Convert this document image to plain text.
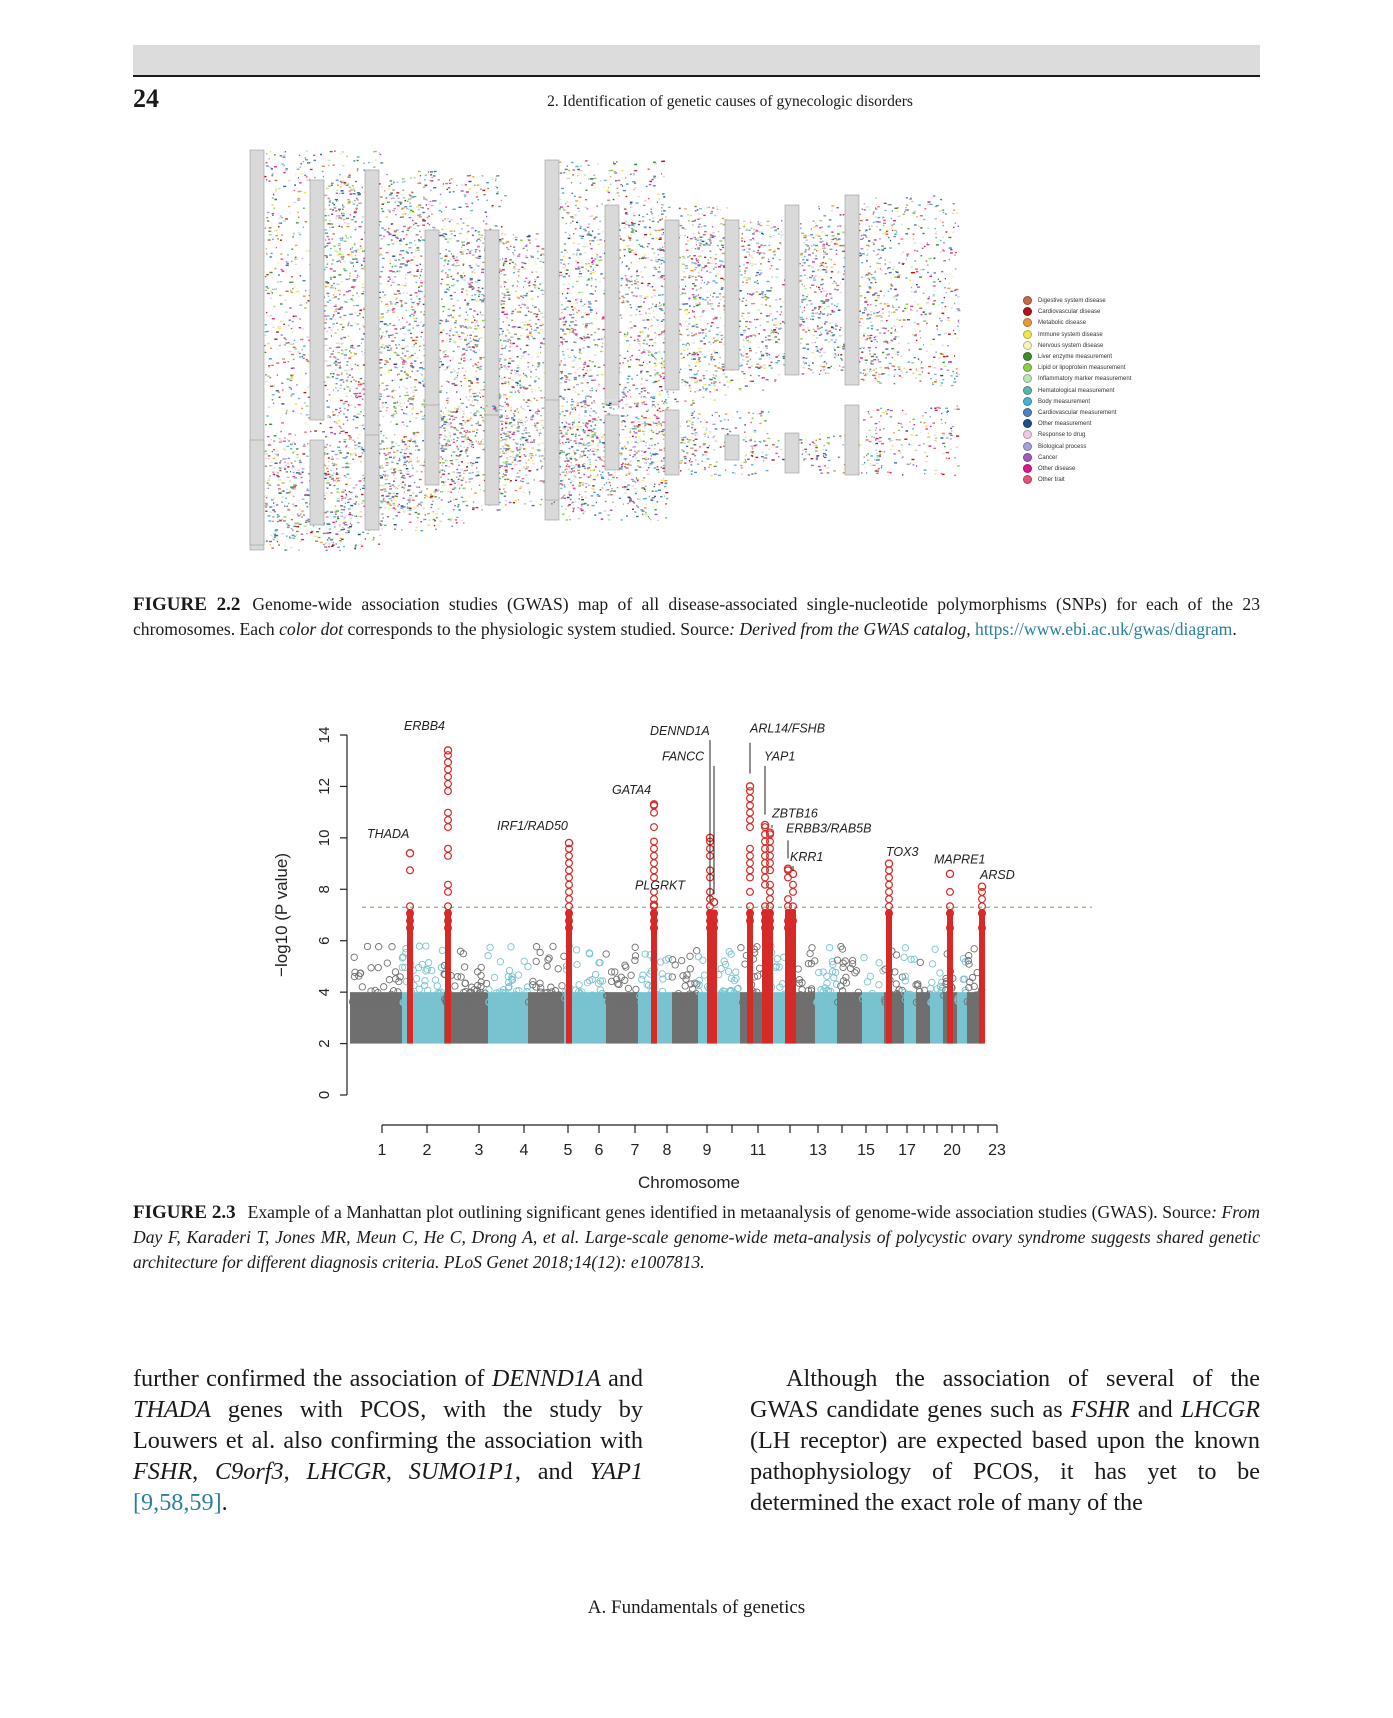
24	2. Identification of genetic causes of gynecologic disorders
Digestive system disease
Cardiovascular disease
Metabolic disease
Immune system disease
Nervous system disease
Liver enzyme measurement
Lipid or lipoprotein measurement
Inflammatory marker measurement
Hematological measurement
Body measurement
Cardiovascular measurement
Other measurement
Response to drug
Biological process
Cancer
Other disease
Other trait
FIGURE 2.2 Genome-wide association studies (GWAS) map of all disease-associated single-nucleotide polymorphisms (SNPs) for each of the 23 chromosomes. Each color dot corresponds to the physiologic system studied. Source: Derived from the GWAS catalog, https://www.ebi.ac.uk/gwas/diagram.
0
2
4
6
8
10
12
14
−log10 (P value)
THADA
ERBB4
IRF1/RAD50
GATA4
PLGRKT
FANCC
DENND1A	ARL14/FSHB
YAP1
ZBTB16
ERBB3/RAB5B
KRR1	TOX3
MAPRE1
ARSD
1 2	3 4 5 6 7 8 9 11	13 15 17 20 23
Chromosome
FIGURE 2.3 Example of a Manhattan plot outlining significant genes identified in metaanalysis of genome-wide association studies (GWAS). Source: From Day F, Karaderi T, Jones MR, Meun C, He C, Drong A, et al. Large-scale genome-wide meta-analysis of polycystic ovary syndrome suggests shared genetic architecture for different diagnosis criteria. PLoS Genet 2018;14(12): e1007813.
further confirmed the association of DENND1A and THADA genes with PCOS, with the study by Louwers et al. also confirming the association with FSHR, C9orf3, LHCGR, SUMO1P1, and YAP1 [9,58,59].
Although the association of several of the GWAS candidate genes such as FSHR and LHCGR (LH receptor) are expected based upon the known pathophysiology of PCOS, it has yet to be determined the exact role of many of the
A. Fundamentals of genetics
